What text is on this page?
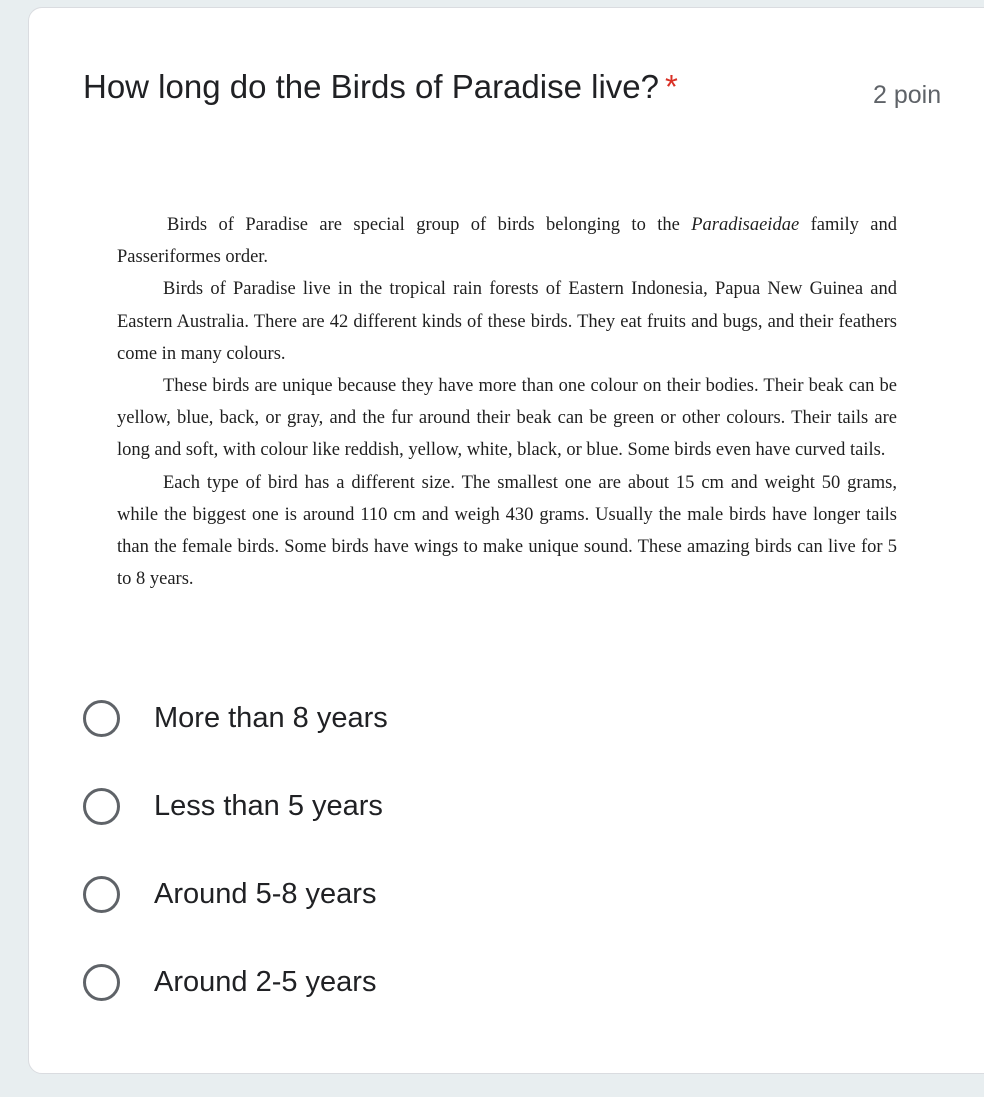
How long do the Birds of Paradise live? *	2 poin

Birds of Paradise are special group of birds belonging to the Paradisaeidae family and Passeriformes order.

Birds of Paradise live in the tropical rain forests of Eastern Indonesia, Papua New Guinea and Eastern Australia. There are 42 different kinds of these birds. They eat fruits and bugs, and their feathers come in many colours.

These birds are unique because they have more than one colour on their bodies. Their beak can be yellow, blue, back, or gray, and the fur around their beak can be green or other colours. Their tails are long and soft, with colour like reddish, yellow, white, black, or blue. Some birds even have curved tails.

Each type of bird has a different size. The smallest one are about 15 cm and weight 50 grams, while the biggest one is around 110 cm and weigh 430 grams. Usually the male birds have longer tails than the female birds. Some birds have wings to make unique sound. These amazing birds can live for 5 to 8 years.

More than 8 years
Less than 5 years
Around 5-8 years
Around 2-5 years
